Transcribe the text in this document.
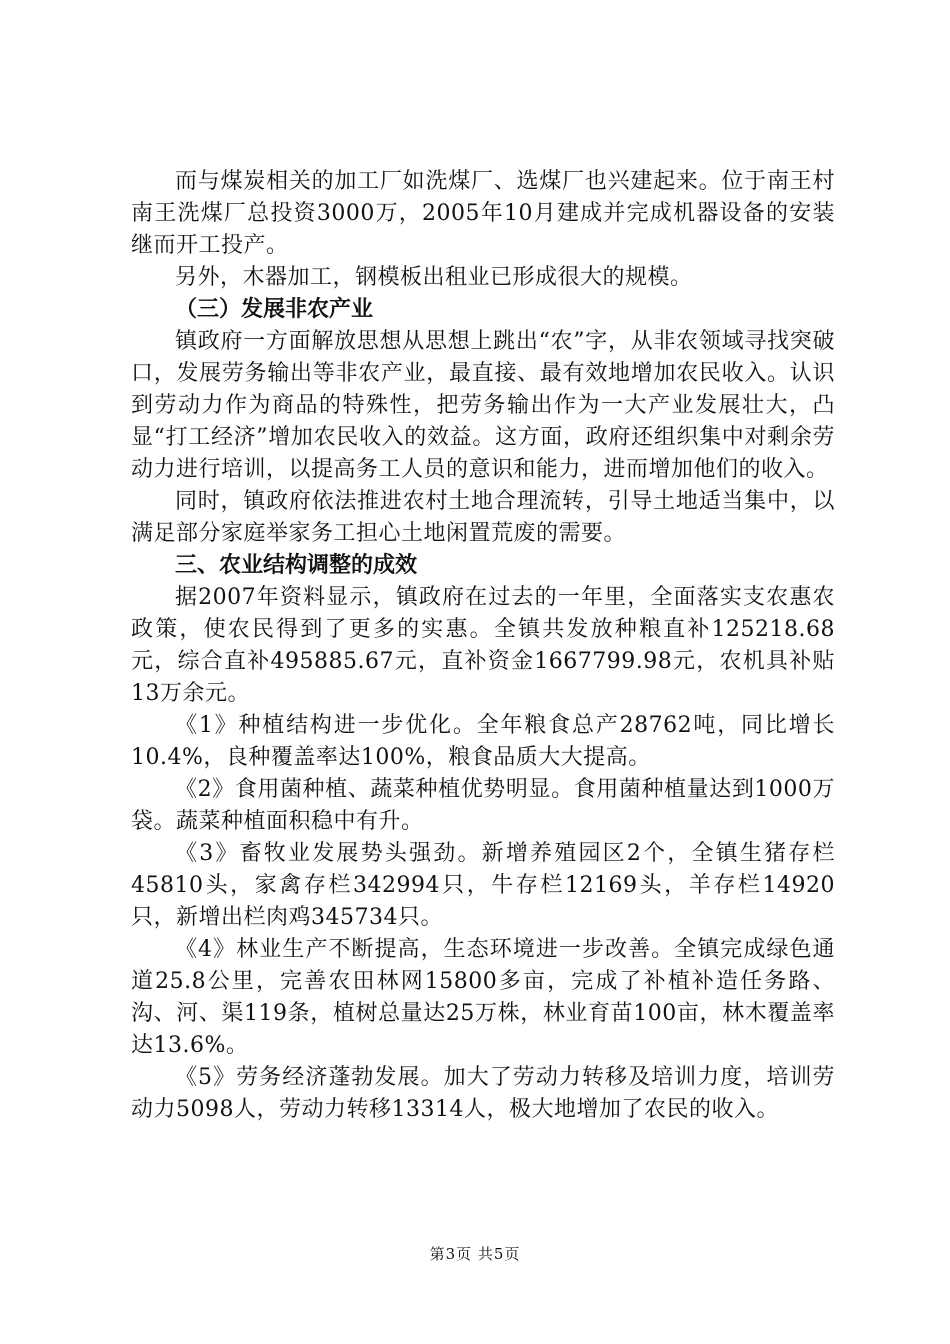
而与煤炭相关的加工厂如洗煤厂、选煤厂也兴建起来。位于南王村南王洗煤厂总投资3000万，2005年10月建成并完成机器设备的安装继而开工投产。

另外，木器加工，钢模板出租业已形成很大的规模。

（三）发展非农产业

镇政府一方面解放思想从思想上跳出“农”字，从非农领域寻找突破口，发展劳务输出等非农产业，最直接、最有效地增加农民收入。认识到劳动力作为商品的特殊性，把劳务输出作为一大产业发展壮大，凸显“打工经济”增加农民收入的效益。这方面，政府还组织集中对剩余劳动力进行培训，以提高务工人员的意识和能力，进而增加他们的收入。

同时，镇政府依法推进农村土地合理流转，引导土地适当集中，以满足部分家庭举家务工担心土地闲置荒废的需要。

三、农业结构调整的成效

据2007年资料显示，镇政府在过去的一年里，全面落实支农惠农政策，使农民得到了更多的实惠。全镇共发放种粮直补125218.68元，综合直补495885.67元，直补资金1667799.98元，农机具补贴13万余元。

《1》种植结构进一步优化。全年粮食总产28762吨，同比增长10.4%，良种覆盖率达100%，粮食品质大大提高。

《2》食用菌种植、蔬菜种植优势明显。食用菌种植量达到1000万袋。蔬菜种植面积稳中有升。

《3》畜牧业发展势头强劲。新增养殖园区2个，全镇生猪存栏45810头，家禽存栏342994只，牛存栏12169头，羊存栏14920只，新增出栏肉鸡345734只。

《4》林业生产不断提高，生态环境进一步改善。全镇完成绿色通道25.8公里，完善农田林网15800多亩，完成了补植补造任务路、沟、河、渠119条，植树总量达25万株，林业育苗100亩，林木覆盖率达13.6%。

《5》劳务经济蓬勃发展。加大了劳动力转移及培训力度，培训劳动力5098人，劳动力转移13314人，极大地增加了农民的收入。

第3页 共5页
